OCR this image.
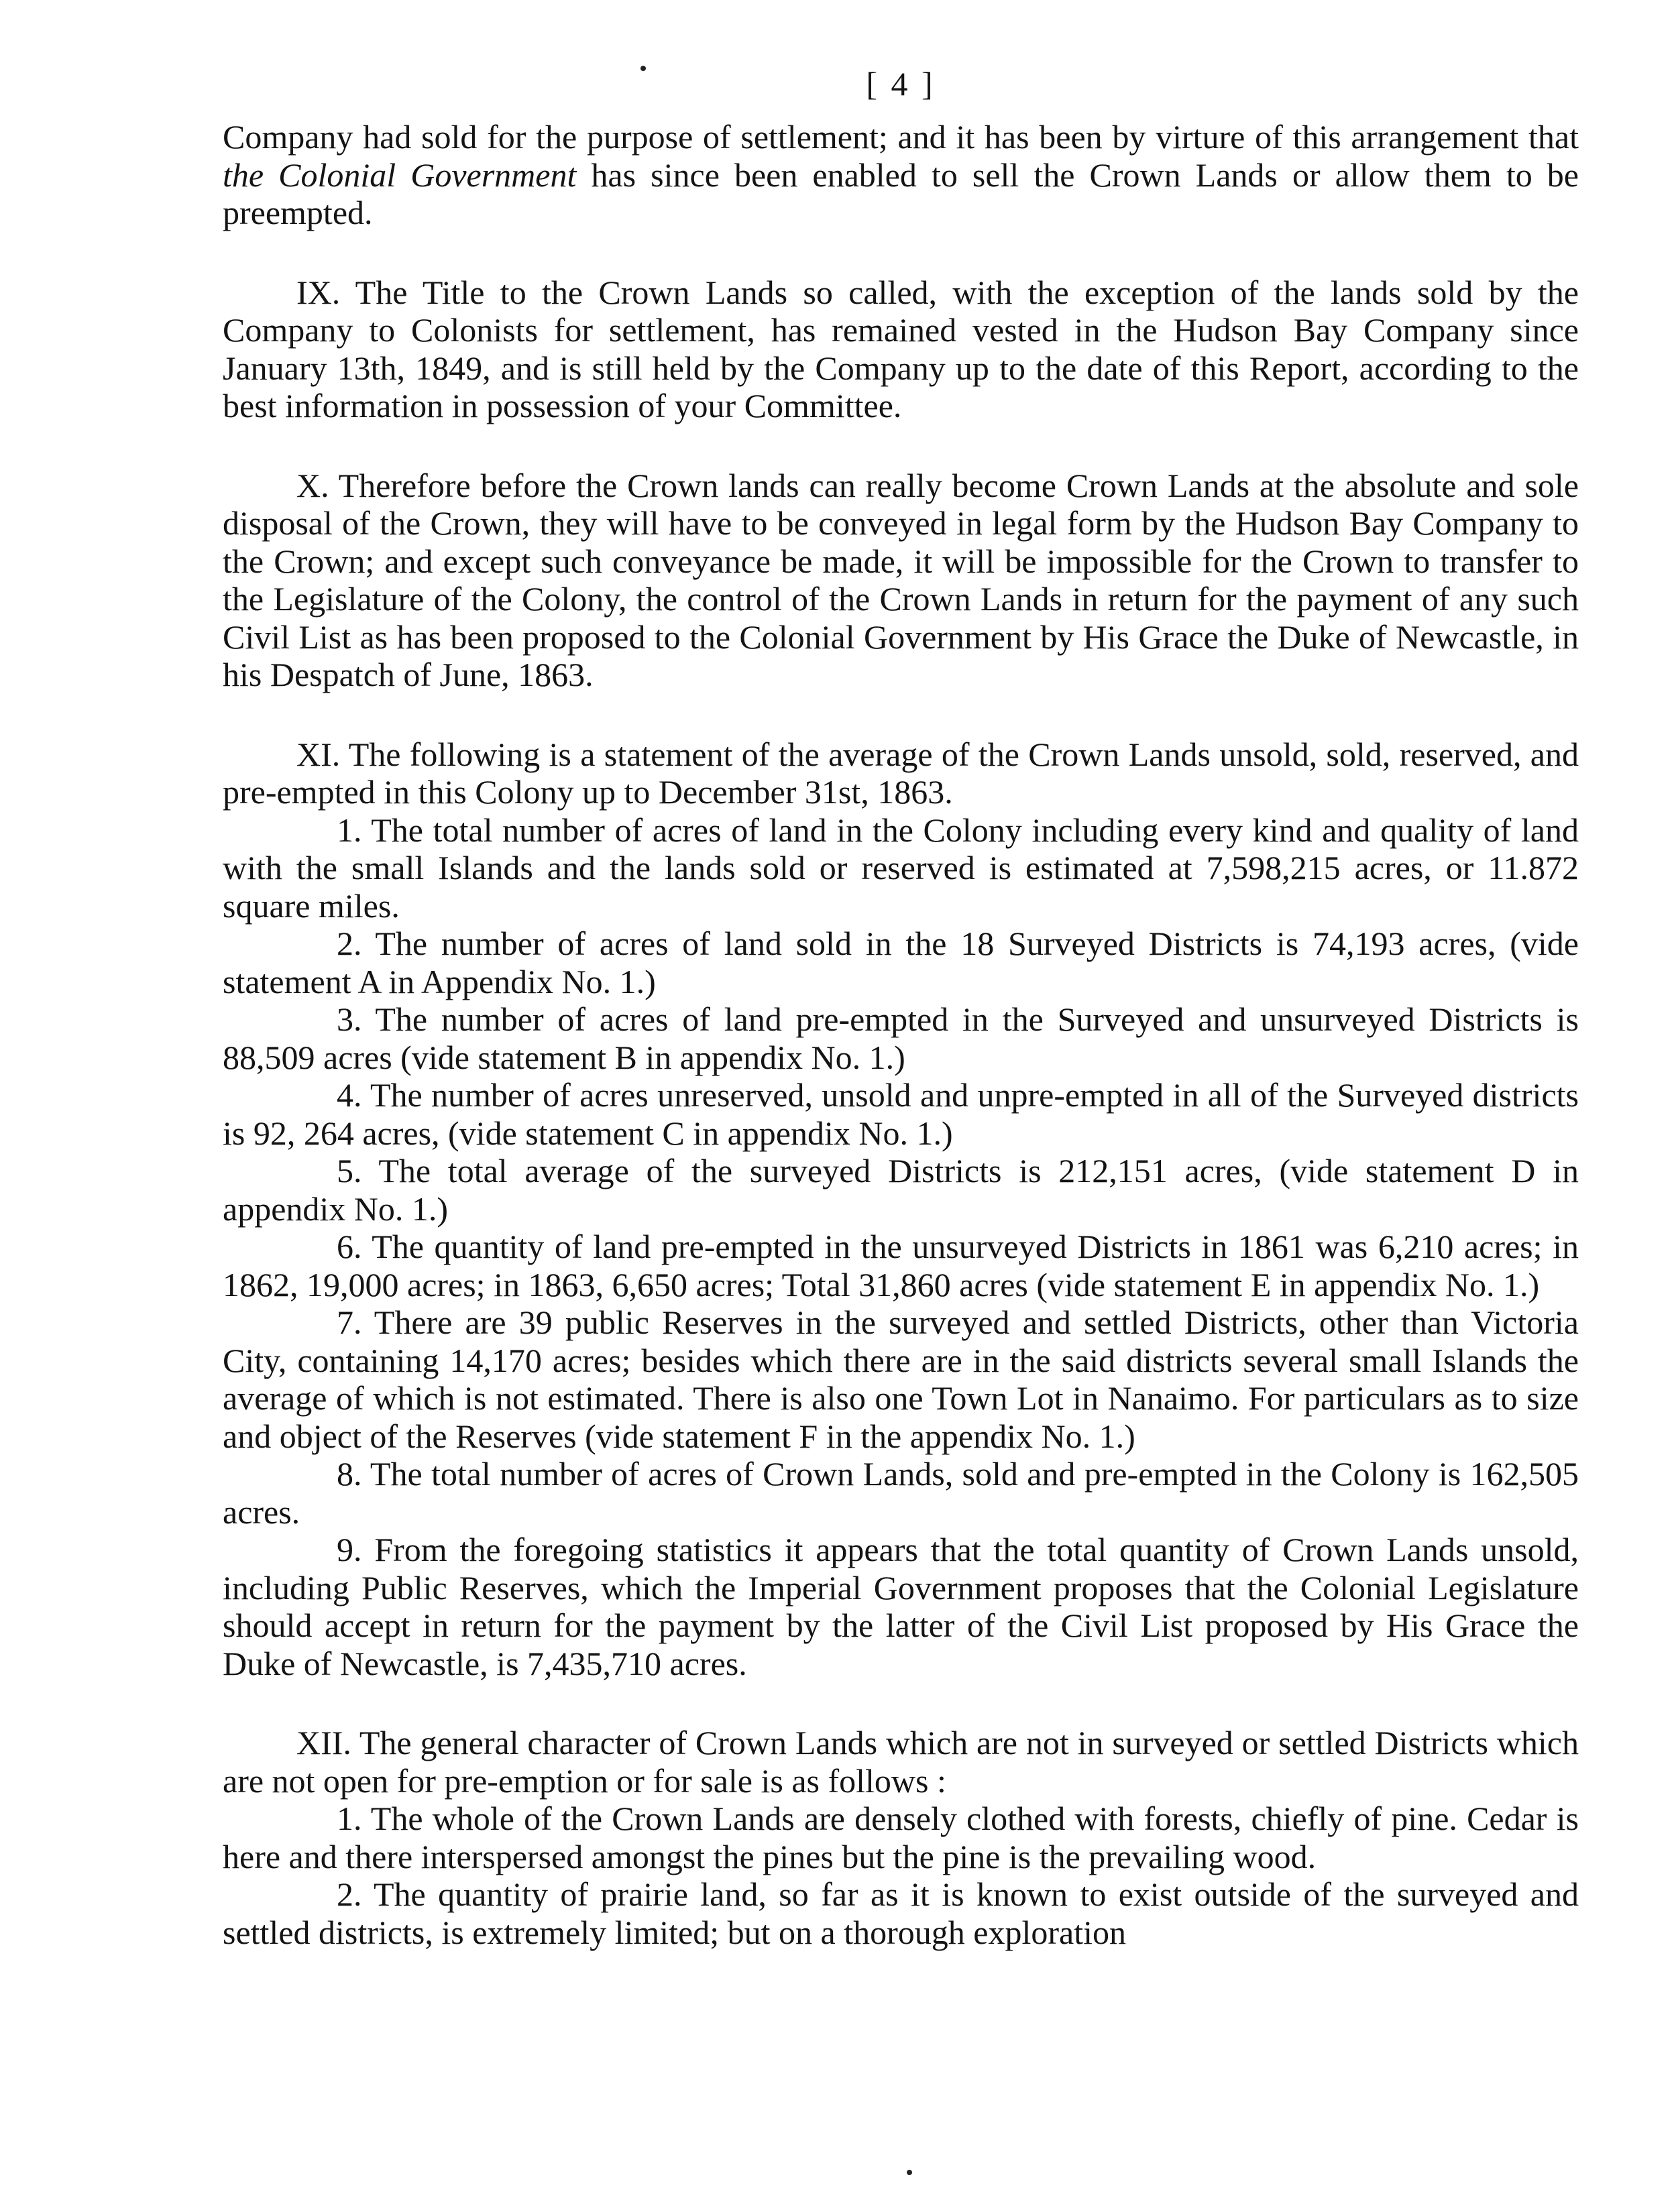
[ 4 ]

Company had sold for the purpose of settlement; and it has been by virture of this arrangement that the Colonial Government has since been enabled to sell the Crown Lands or allow them to be preempted.

IX. The Title to the Crown Lands so called, with the exception of the lands sold by the Company to Colonists for settlement, has remained vested in the Hudson Bay Company since January 13th, 1849, and is still held by the Company up to the date of this Report, according to the best information in possession of your Committee.

X. Therefore before the Crown lands can really become Crown Lands at the absolute and sole disposal of the Crown, they will have to be conveyed in legal form by the Hudson Bay Company to the Crown; and except such conveyance be made, it will be impossible for the Crown to transfer to the Legislature of the Colony, the control of the Crown Lands in return for the payment of any such Civil List as has been proposed to the Colonial Government by His Grace the Duke of Newcastle, in his Despatch of June, 1863.

XI. The following is a statement of the average of the Crown Lands unsold, sold, reserved, and pre-empted in this Colony up to December 31st, 1863.

1. The total number of acres of land in the Colony including every kind and quality of land with the small Islands and the lands sold or reserved is estimated at 7,598,215 acres, or 11.872 square miles.

2. The number of acres of land sold in the 18 Surveyed Districts is 74,193 acres, (vide statement A in Appendix No. 1.)

3. The number of acres of land pre-empted in the Surveyed and unsurveyed Districts is 88,509 acres (vide statement B in appendix No. 1.)

4. The number of acres unreserved, unsold and unpre-empted in all of the Surveyed districts is 92, 264 acres, (vide statement C in appendix No. 1.)

5. The total average of the surveyed Districts is 212,151 acres, (vide statement D in appendix No. 1.)

6. The quantity of land pre-empted in the unsurveyed Districts in 1861 was 6,210 acres; in 1862, 19,000 acres; in 1863, 6,650 acres; Total 31,860 acres (vide statement E in appendix No. 1.)

7. There are 39 public Reserves in the surveyed and settled Districts, other than Victoria City, containing 14,170 acres; besides which there are in the said districts several small Islands the average of which is not estimated. There is also one Town Lot in Nanaimo. For particulars as to size and object of the Reserves (vide statement F in the appendix No. 1.)

8. The total number of acres of Crown Lands, sold and pre-empted in the Colony is 162,505 acres.

9. From the foregoing statistics it appears that the total quantity of Crown Lands unsold, including Public Reserves, which the Imperial Government proposes that the Colonial Legislature should accept in return for the payment by the latter of the Civil List proposed by His Grace the Duke of Newcastle, is 7,435,710 acres.

XII. The general character of Crown Lands which are not in surveyed or settled Districts which are not open for pre-emption or for sale is as follows :

1. The whole of the Crown Lands are densely clothed with forests, chiefly of pine. Cedar is here and there interspersed amongst the pines but the pine is the prevailing wood.

2. The quantity of prairie land, so far as it is known to exist outside of the surveyed and settled districts, is extremely limited; but on a thorough exploration
